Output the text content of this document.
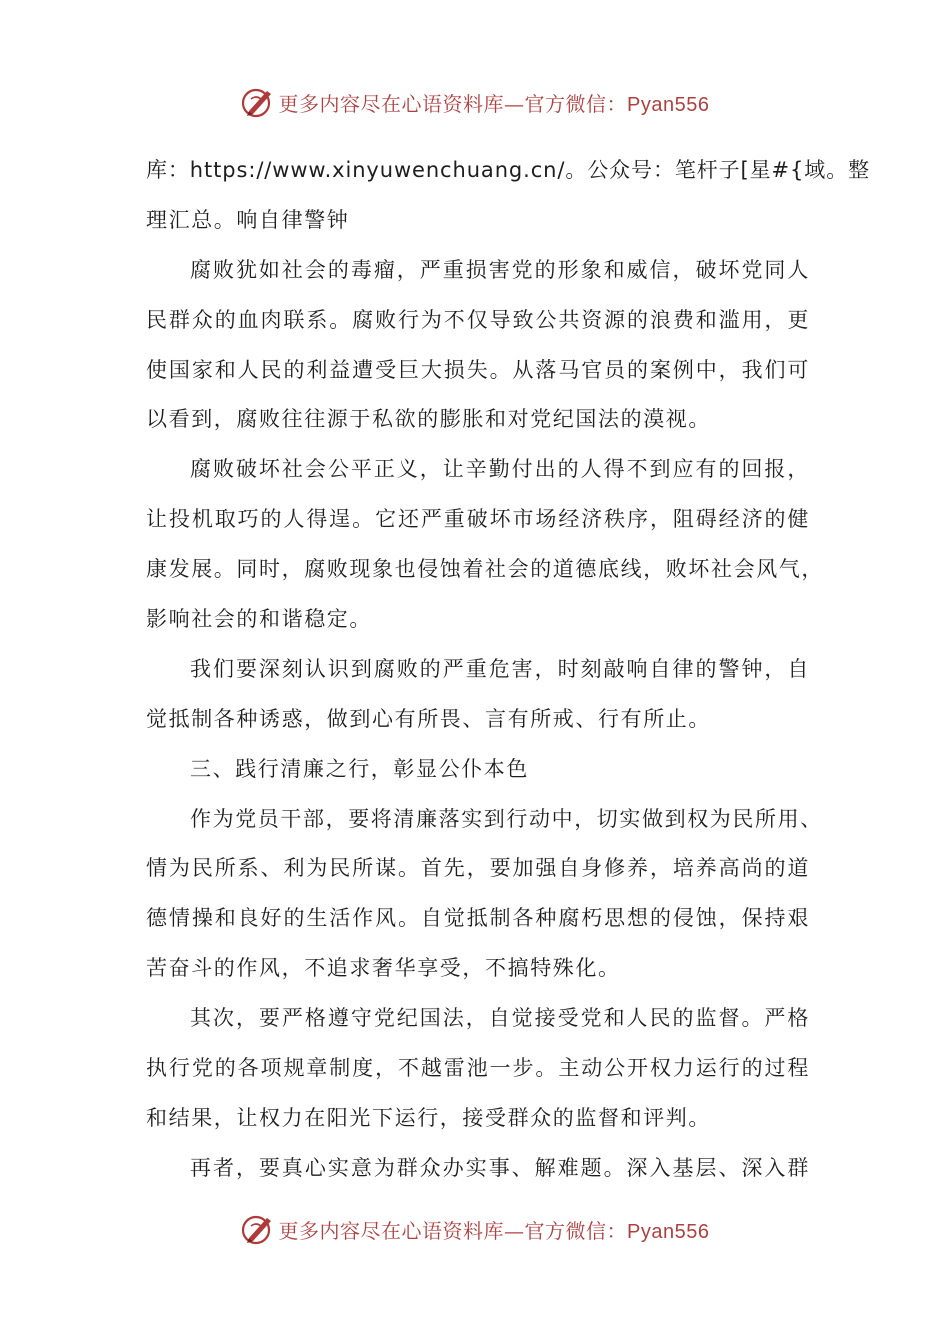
更多内容尽在心语资料库—官方微信：Pyan556
库：https://www.xinyuwenchuang.cn/。公众号：笔杆子[星#{域。整
理汇总。响自律警钟
腐败犹如社会的毒瘤，严重损害党的形象和威信，破坏党同人
民群众的血肉联系。腐败行为不仅导致公共资源的浪费和滥用，更
使国家和人民的利益遭受巨大损失。从落马官员的案例中，我们可
以看到，腐败往往源于私欲的膨胀和对党纪国法的漠视。
腐败破坏社会公平正义，让辛勤付出的人得不到应有的回报，
让投机取巧的人得逞。它还严重破坏市场经济秩序，阻碍经济的健
康发展。同时，腐败现象也侵蚀着社会的道德底线，败坏社会风气，
影响社会的和谐稳定。
我们要深刻认识到腐败的严重危害，时刻敲响自律的警钟，自
觉抵制各种诱惑，做到心有所畏、言有所戒、行有所止。
三、践行清廉之行，彰显公仆本色
作为党员干部，要将清廉落实到行动中，切实做到权为民所用、
情为民所系、利为民所谋。首先，要加强自身修养，培养高尚的道
德情操和良好的生活作风。自觉抵制各种腐朽思想的侵蚀，保持艰
苦奋斗的作风，不追求奢华享受，不搞特殊化。
其次，要严格遵守党纪国法，自觉接受党和人民的监督。严格
执行党的各项规章制度，不越雷池一步。主动公开权力运行的过程
和结果，让权力在阳光下运行，接受群众的监督和评判。
再者，要真心实意为群众办实事、解难题。深入基层、深入群
更多内容尽在心语资料库—官方微信：Pyan556
